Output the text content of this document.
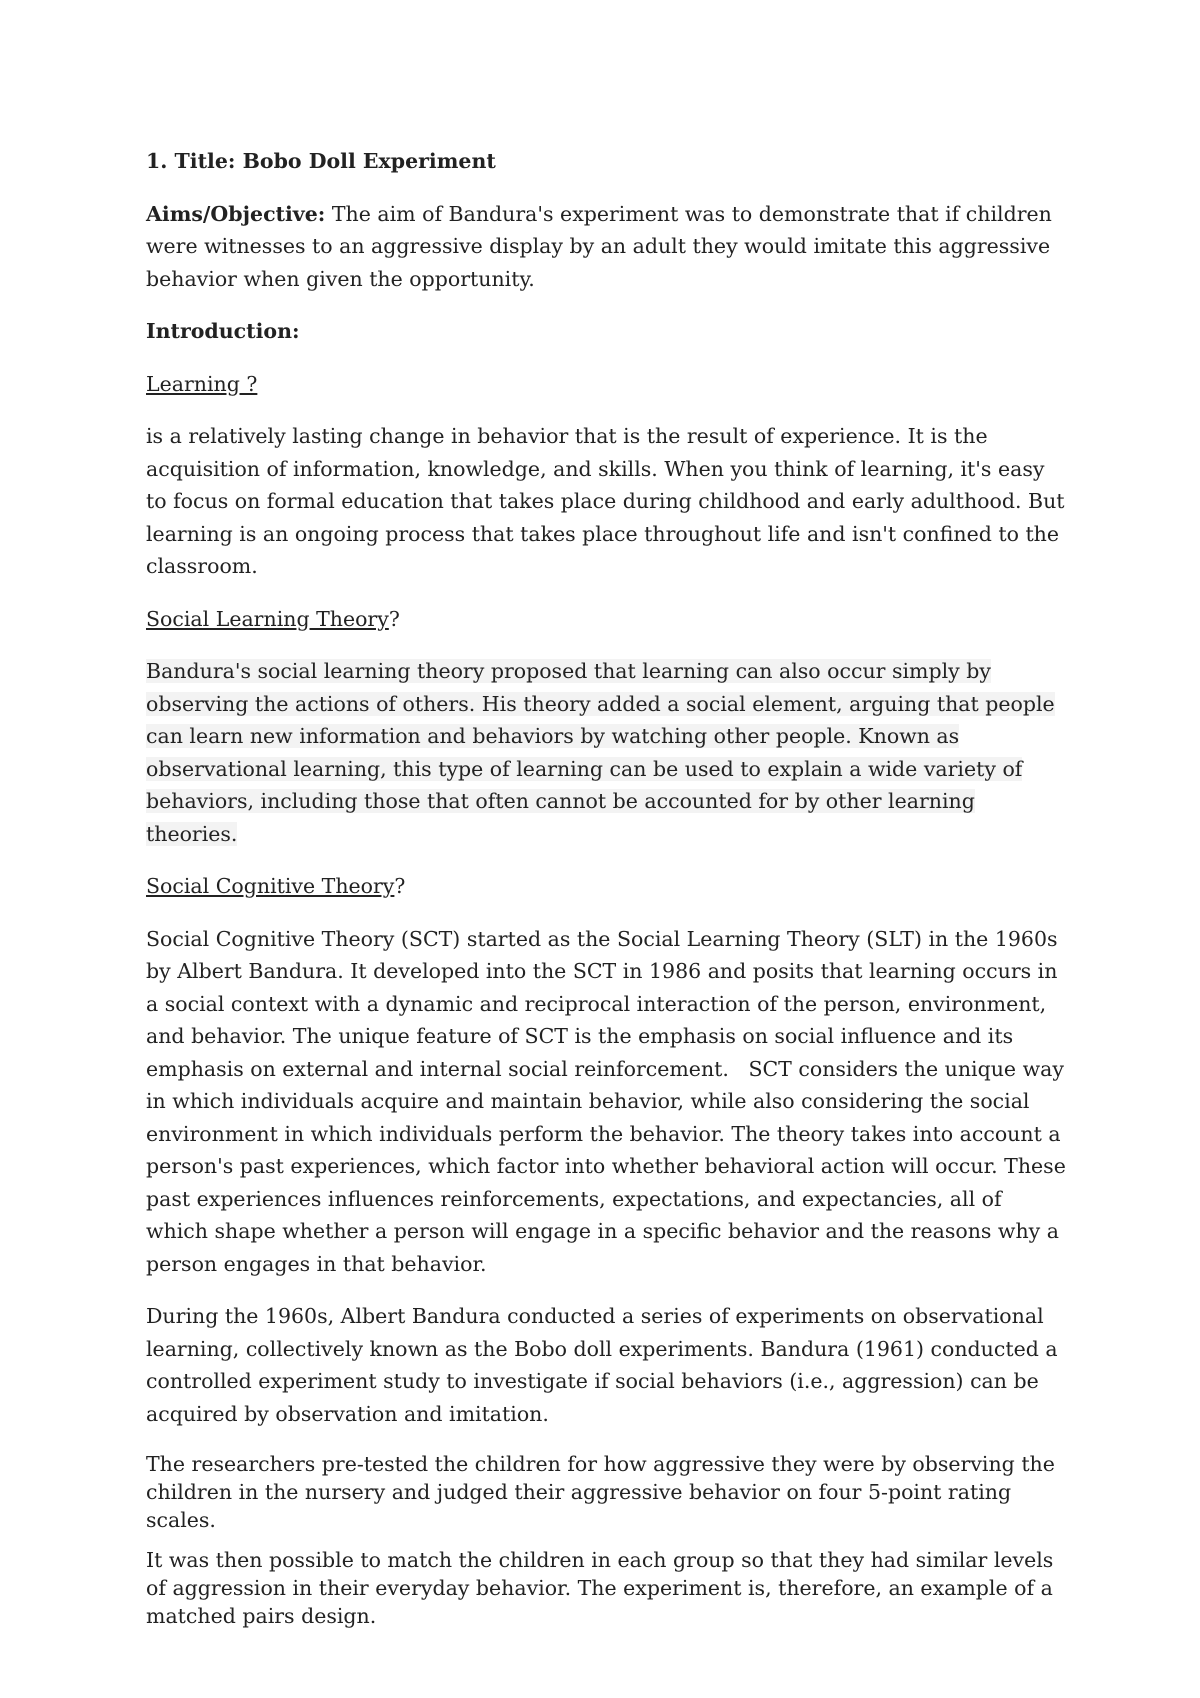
1. Title: Bobo Doll Experiment

Aims/Objective: The aim of Bandura's experiment was to demonstrate that if children were witnesses to an aggressive display by an adult they would imitate this aggressive behavior when given the opportunity.

Introduction:

Learning ?

is a relatively lasting change in behavior that is the result of experience. It is the acquisition of information, knowledge, and skills. When you think of learning, it's easy to focus on formal education that takes place during childhood and early adulthood. But learning is an ongoing process that takes place throughout life and isn't confined to the classroom.

Social Learning Theory?

Bandura's social learning theory proposed that learning can also occur simply by observing the actions of others. His theory added a social element, arguing that people can learn new information and behaviors by watching other people. Known as observational learning, this type of learning can be used to explain a wide variety of behaviors, including those that often cannot be accounted for by other learning theories.

Social Cognitive Theory?

Social Cognitive Theory (SCT) started as the Social Learning Theory (SLT) in the 1960s by Albert Bandura. It developed into the SCT in 1986 and posits that learning occurs in a social context with a dynamic and reciprocal interaction of the person, environment, and behavior. The unique feature of SCT is the emphasis on social influence and its emphasis on external and internal social reinforcement.   SCT considers the unique way in which individuals acquire and maintain behavior, while also considering the social environment in which individuals perform the behavior. The theory takes into account a person's past experiences, which factor into whether behavioral action will occur. These past experiences influences reinforcements, expectations, and expectancies, all of which shape whether a person will engage in a specific behavior and the reasons why a person engages in that behavior.

During the 1960s, Albert Bandura conducted a series of experiments on observational learning, collectively known as the Bobo doll experiments. Bandura (1961) conducted a controlled experiment study to investigate if social behaviors (i.e., aggression) can be acquired by observation and imitation.

The researchers pre-tested the children for how aggressive they were by observing the children in the nursery and judged their aggressive behavior on four 5-point rating scales.

It was then possible to match the children in each group so that they had similar levels of aggression in their everyday behavior. The experiment is, therefore, an example of a matched pairs design.
